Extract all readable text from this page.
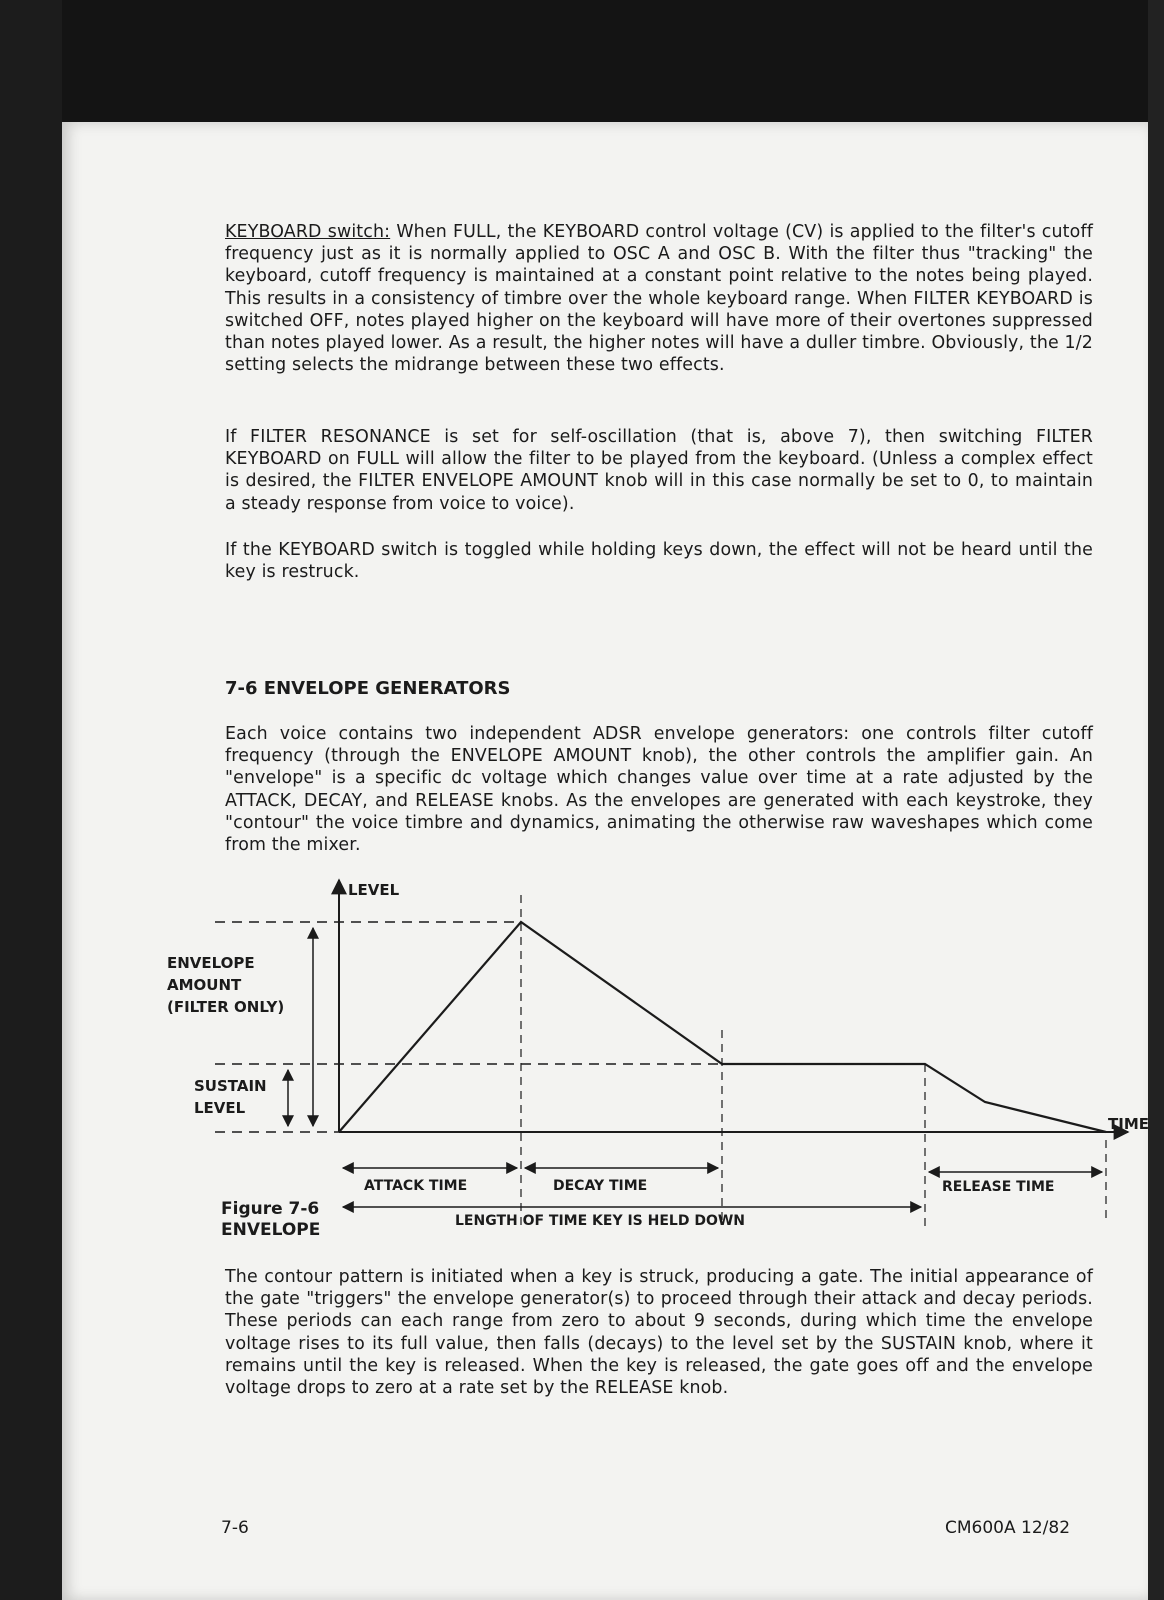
KEYBOARD switch: When FULL, the KEYBOARD control voltage (CV) is applied to the filter's cutoff frequency just as it is normally applied to OSC A and OSC B. With the filter thus "tracking" the keyboard, cutoff frequency is maintained at a constant point relative to the notes being played. This results in a consistency of timbre over the whole keyboard range. When FILTER KEYBOARD is switched OFF, notes played higher on the keyboard will have more of their overtones suppressed than notes played lower. As a result, the higher notes will have a duller timbre. Obviously, the 1/2 setting selects the midrange between these two effects.

If FILTER RESONANCE is set for self-oscillation (that is, above 7), then switching FILTER KEYBOARD on FULL will allow the filter to be played from the keyboard. (Unless a complex effect is desired, the FILTER ENVELOPE AMOUNT knob will in this case normally be set to 0, to maintain a steady response from voice to voice).

If the KEYBOARD switch is toggled while holding keys down, the effect will not be heard until the key is restruck.

7-6 ENVELOPE GENERATORS

Each voice contains two independent ADSR envelope generators: one controls filter cutoff frequency (through the ENVELOPE AMOUNT knob), the other controls the amplifier gain. An "envelope" is a specific dc voltage which changes value over time at a rate adjusted by the ATTACK, DECAY, and RELEASE knobs. As the envelopes are generated with each keystroke, they "contour" the voice timbre and dynamics, animating the otherwise raw waveshapes which come from the mixer.

LEVEL
TIME
ENVELOPE
AMOUNT
(FILTER ONLY)
SUSTAIN
LEVEL
ATTACK TIME	DECAY TIME	RELEASE TIME
LENGTH OF TIME KEY IS HELD DOWN
Figure 7-6
ENVELOPE

The contour pattern is initiated when a key is struck, producing a gate. The initial appearance of the gate "triggers" the envelope generator(s) to proceed through their attack and decay periods. These periods can each range from zero to about 9 seconds, during which time the envelope voltage rises to its full value, then falls (decays) to the level set by the SUSTAIN knob, where it remains until the key is released. When the key is released, the gate goes off and the envelope voltage drops to zero at a rate set by the RELEASE knob.

7-6	CM600A 12/82
